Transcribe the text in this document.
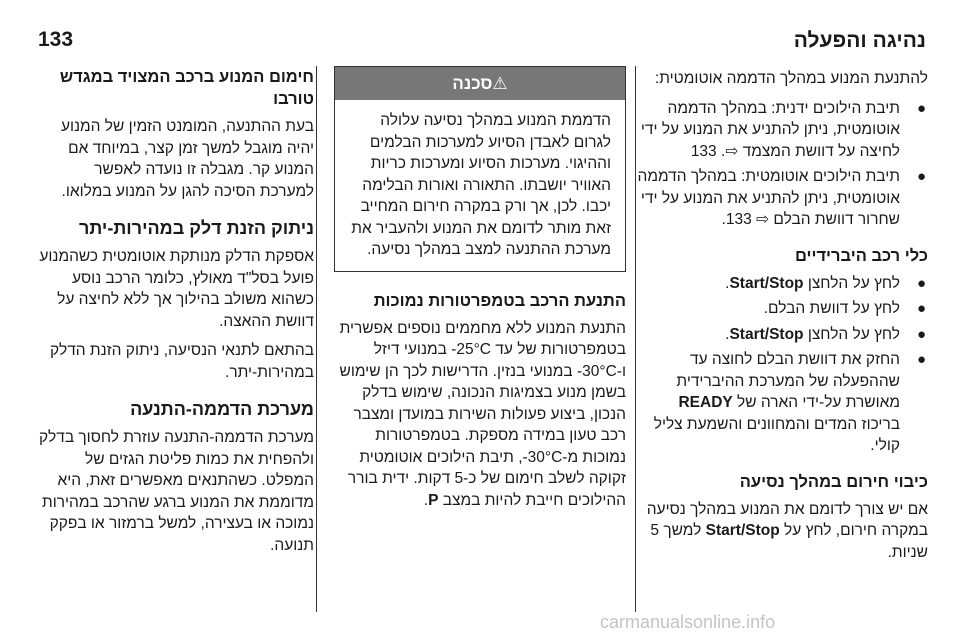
נהיגה והפעלה
133

להתנעת המנוע במהלך הדממה אוטומטית:

●
תיבת הילוכים ידנית: במהלך הדממה אוטומטית, ניתן להתניע את המנוע על ידי לחיצה על דוושת המצמד ⇨. 133
●
תיבת הילוכים אוטומטית: במהלך הדממה אוטומטית, ניתן להתניע את המנוע על ידי שחרור דוושת הבלם ⇨ 133.
כלי רכב היברידיים
●
לחץ על הלחצן Start/Stop.
●
לחץ על דוושת הבלם.
●
לחץ על הלחצן Start/Stop.
●
החזק את דוושת הבלם לחוצה עד שההפעלה של המערכת ההיברידית מאושרת על-ידי הארה של READY בריכוז המדים והמחוונים והשמעת צליל קולי.
כיבוי חירום במהלך נסיעה

אם יש צורך לדומם את המנוע במהלך נסיעה במקרה חירום, לחץ על Start/Stop למשך 5 שניות.

⚠סכנה
הדממת המנוע במהלך נסיעה עלולה לגרום לאבדן הסיוע למערכות הבלמים וההיגוי. מערכות הסיוע ומערכות כריות האוויר יושבתו. התאורה ואורות הבלימה יכבו. לכן, אך ורק במקרה חירום המחייב זאת מותר לדומם את המנוע ולהעביר את מערכת ההתנעה למצב במהלך נסיעה.
התנעת הרכב בטמפרטורות נמוכות

התנעת המנוע ללא מחממים נוספים אפשרית בטמפרטורות של עד ‎-25°C‎ במנועי דיזל ו-‎-30°C‎ במנועי בנזין. הדרישות לכך הן שימוש בשמן מנוע בצמיגות הנכונה, שימוש בדלק הנכון, ביצוע פעולות השירות במועדן ומצבר רכב טעון במידה מספקת. בטמפרטורות נמוכות מ-‎-30°C‎, תיבת הילוכים אוטומטית זקוקה לשלב חימום של כ-5 דקות. ידית בורר ההילוכים חייבת להיות במצב P.

חימום המנוע ברכב המצויד במגדש טורבו

בעת ההתנעה, המומנט הזמין של המנוע יהיה מוגבל למשך זמן קצר, במיוחד אם המנוע קר. מגבלה זו נועדה לאפשר למערכת הסיכה להגן על המנוע במלואו.

ניתוק הזנת דלק במהירות-יתר

אספקת הדלק מנותקת אוטומטית כשהמנוע פועל בסל"ד מאולץ, כלומר הרכב נוסע כשהוא משולב בהילוך אך ללא לחיצה על דוושת ההאצה.

בהתאם לתנאי הנסיעה, ניתוק הזנת הדלק במהירות-יתר.

מערכת הדממה-התנעה

מערכת הדממה-התנעה עוזרת לחסוך בדלק ולהפחית את כמות פליטת הגזים של המפלט. כשהתנאים מאפשרים זאת, היא מדוממת את המנוע ברגע שהרכב במהירות נמוכה או בעצירה, למשל ברמזור או בפקק תנועה.

carmanualsonline.info
